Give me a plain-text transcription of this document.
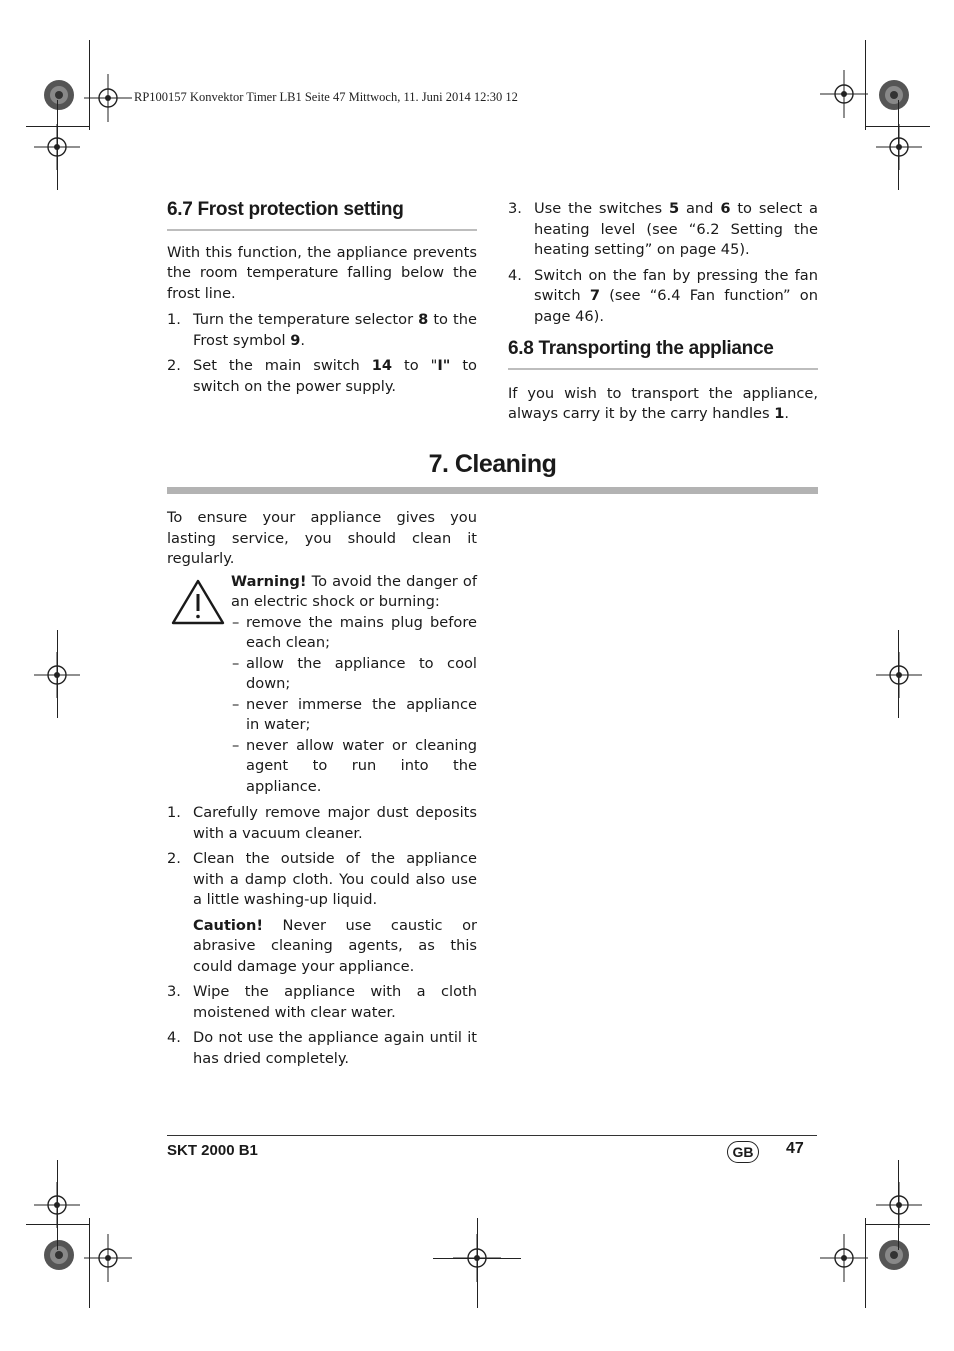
RP100157 Konvektor Timer LB1 Seite 47 Mittwoch, 11. Juni 2014 12:30 12
6.7 Frost protection setting

With this function, the appliance prevents the room temperature falling below the frost line.

1. Turn the temperature selector 8 to the Frost symbol 9.
2. Set the main switch 14 to "I" to switch on the power supply.
3. Use the switches 5 and 6 to select a heating level (see “6.2 Setting the heating setting” on page 45).
4. Switch on the fan by pressing the fan switch 7 (see “6.4 Fan function” on page 46).
6.8 Transporting the appliance

If you wish to transport the appliance, always carry it by the carry handles 1.

7. Cleaning

To ensure your appliance gives you lasting service, you should clean it regularly.

Warning! To avoid the danger of an electric shock or burning:

– remove the mains plug before each clean;
– allow the appliance to cool down;
– never immerse the appliance in water;
– never allow water or cleaning agent to run into the appliance.
1. Carefully remove major dust deposits with a vacuum cleaner.
2. Clean the outside of the appliance with a damp cloth. You could also use a little washing-up liquid.

Caution! Never use caustic or abrasive cleaning agents, as this could damage your appliance.

3. Wipe the appliance with a cloth moistened with clear water.
4. Do not use the appliance again until it has dried completely.
SKT 2000 B1	GB	47
